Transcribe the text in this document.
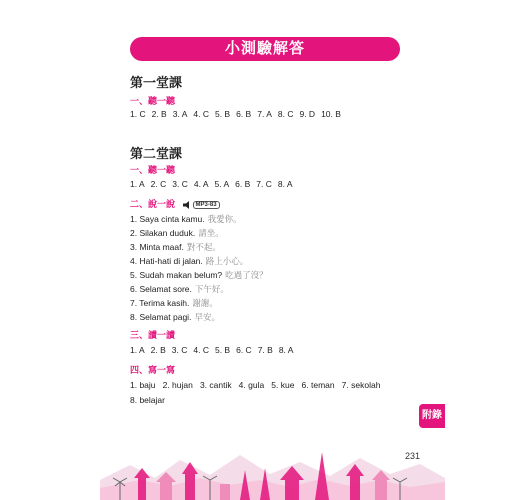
小測驗解答
第一堂課
一、聽一聽
1. C 2. B 3. A 4. C 5. B 6. B 7. A 8. C 9. D 10. B
第二堂課
一、聽一聽
1. A 2. C 3. C 4. A 5. A 6. B 7. C 8. A
二、說一說	MP3-83
1. Saya cinta kamu. 我愛你。
2. Silakan duduk. 請坐。
3. Minta maaf. 對不起。
4. Hati-hati di jalan. 路上小心。
5. Sudah makan belum? 吃過了沒？
6. Selamat sore. 下午好。
7. Terima kasih. 謝謝。
8. Selamat pagi. 早安。
三、讀一讀
1. A 2. B 3. C 4. C 5. B 6. C 7. B 8. A
四、寫一寫
1. baju   2. hujan   3. cantik   4. gula   5. kue   6. teman   7. sekolah
8. belajar
附錄
231
